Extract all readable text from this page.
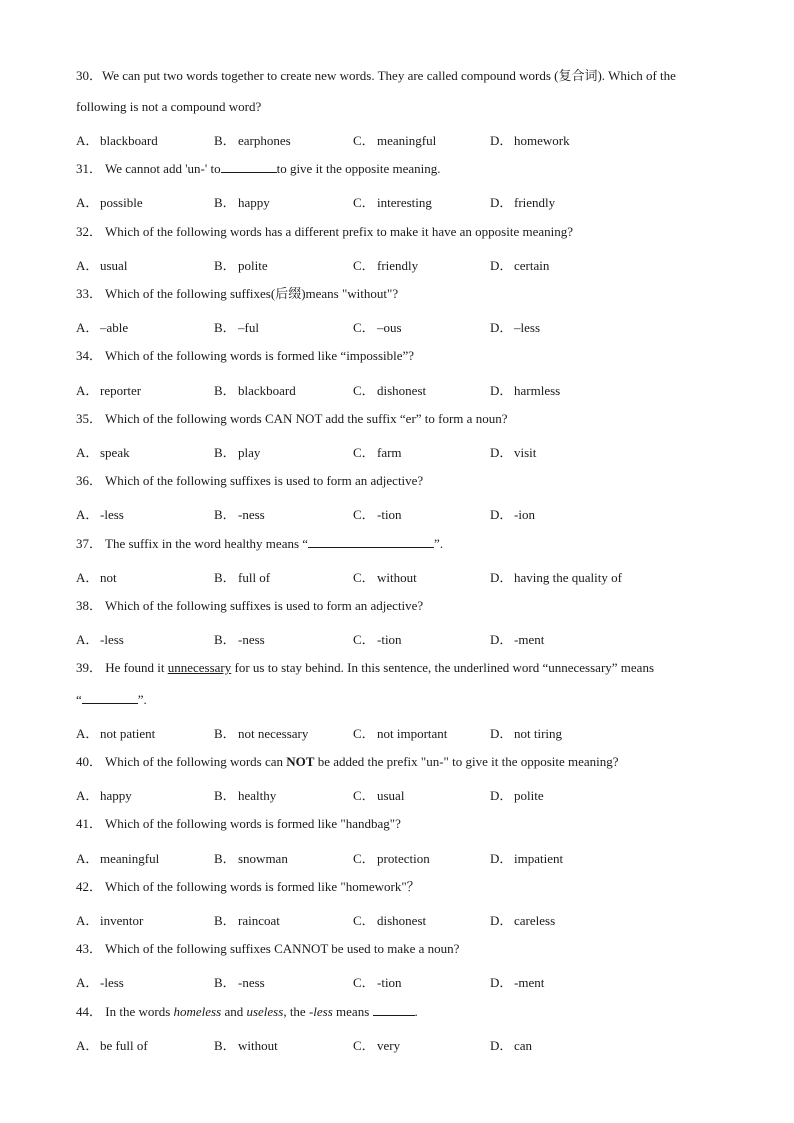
30．We can put two words together to create new words. They are called compound words (复合词). Which of the
following is not a compound word?
A． blackboard	B． earphones	C． meaningful	D． homework
31． We cannot add 'un-' to	to give it the opposite meaning.
A． possible	B． happy	C． interesting	D． friendly
32． Which of the following words has a different prefix to make it have an opposite meaning?
A． usual	B． polite	C． friendly	D． certain
33． Which of the following suffixes(后缀)means "without"?
A． –able	B． –ful	C． –ous	D． –less
34． Which of the following words is formed like “impossible”?
A． reporter	B． blackboard	C． dishonest	D． harmless
35． Which of the following words CAN NOT add the suffix “er” to form a noun?
A． speak	B． play	C． farm	D． visit
36． Which of the following suffixes is used to form an adjective?
A． -less	B． -ness	C． -tion	D． -ion
37． The suffix in the word healthy means “	”.
A． not	B． full of	C． without	D． having the quality of
38． Which of the following suffixes is used to form an adjective?
A． -less	B． -ness	C． -tion	D． -ment
39． He found it unnecessary for us to stay behind. In this sentence, the underlined word “unnecessary” means
“	”.
A． not patient	B． not necessary	C． not important	D． not tiring
40． Which of the following words can NOT be added the prefix "un-" to give it the opposite meaning?
A． happy	B． healthy	C． usual	D． polite
41． Which of the following words is formed like "handbag"?
A． meaningful	B． snowman	C． protection	D． impatient
42． Which of the following words is formed like "homework"？
A． inventor	B． raincoat	C． dishonest	D． careless
43． Which of the following suffixes CANNOT be used to make a noun?
A． -less	B． -ness	C． -tion	D． -ment
44． In the words homeless and useless, the -less means	.
A． be full of	B． without	C． very	D． can
